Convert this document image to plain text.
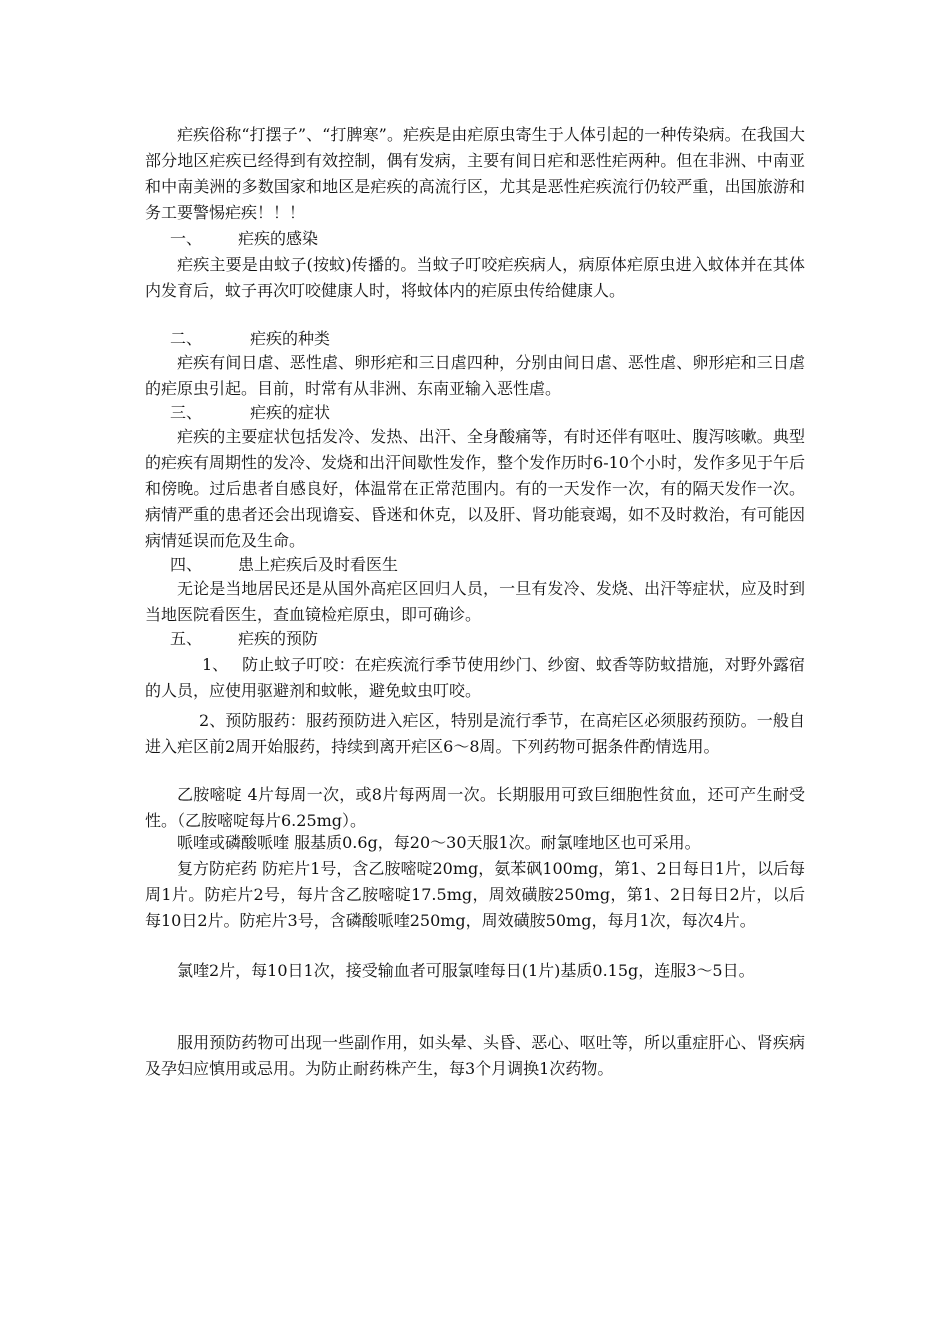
疟疾俗称“打摆子”、“打脾寒”。疟疾是由疟原虫寄生于人体引起的一种传染病。在我国大部分地区疟疾已经得到有效控制，偶有发病，主要有间日疟和恶性疟两种。但在非洲、中南亚和中南美洲的多数国家和地区是疟疾的高流行区，尤其是恶性疟疾流行仍较严重，出国旅游和务工要警惕疟疾！！！

一、 疟疾的感染

疟疾主要是由蚊子(按蚊)传播的。当蚊子叮咬疟疾病人，病原体疟原虫进入蚊体并在其体内发育后，蚊子再次叮咬健康人时，将蚊体内的疟原虫传给健康人。

二、	疟疾的种类

疟疾有间日虐、恶性虐、卵形疟和三日虐四种，分别由间日虐、恶性虐、卵形疟和三日虐的疟原虫引起。目前，时常有从非洲、东南亚输入恶性虐。

三、	疟疾的症状

疟疾的主要症状包括发冷、发热、出汗、全身酸痛等，有时还伴有呕吐、腹泻咳嗽。典型的疟疾有周期性的发冷、发烧和出汗间歇性发作，整个发作历时6-10个小时，发作多见于午后和傍晚。过后患者自感良好，体温常在正常范围内。有的一天发作一次，有的隔天发作一次。病情严重的患者还会出现谵妄、昏迷和休克，以及肝、肾功能衰竭，如不及时救治，有可能因病情延误而危及生命。

四、 患上疟疾后及时看医生

无论是当地居民还是从国外高疟区回归人员，一旦有发冷、发烧、出汗等症状，应及时到当地医院看医生，查血镜检疟原虫，即可确诊。

五、 疟疾的预防

1、 防止蚊子叮咬：在疟疾流行季节使用纱门、纱窗、蚊香等防蚊措施，对野外露宿的人员，应使用驱避剂和蚊帐，避免蚊虫叮咬。

2、预防服药：服药预防进入疟区，特别是流行季节，在高疟区必须服药预防。一般自进入疟区前2周开始服药，持续到离开疟区6～8周。下列药物可据条件酌情选用。

乙胺嘧啶 4片每周一次，或8片每两周一次。长期服用可致巨细胞性贫血，还可产生耐受性。（乙胺嘧啶每片6.25mg）。

哌喹或磷酸哌喹 服基质0.6g，每20～30天服1次。耐氯喹地区也可采用。

复方防疟药 防疟片1号，含乙胺嘧啶20mg，氨苯砜100mg，第1、2日每日1片，以后每周1片。防疟片2号，每片含乙胺嘧啶17.5mg，周效磺胺250mg，第1、2日每日2片，以后每10日2片。防疟片3号，含磷酸哌喹250mg，周效磺胺50mg，每月1次，每次4片。

氯喹2片，每10日1次，接受输血者可服氯喹每日(1片)基质0.15g，连服3～5日。

服用预防药物可出现一些副作用，如头晕、头昏、恶心、呕吐等，所以重症肝心、肾疾病及孕妇应慎用或忌用。为防止耐药株产生，每3个月调换1次药物。
